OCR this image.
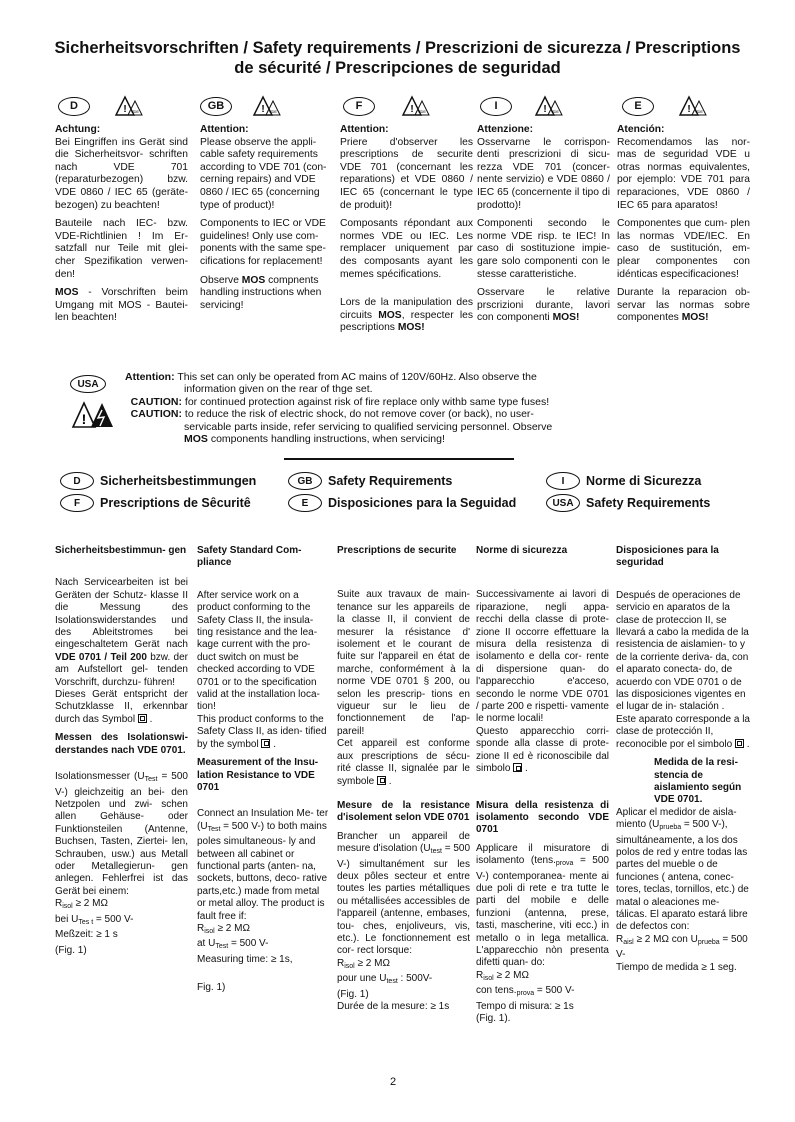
Sicherheitsvorschriften / Safety requirements / Prescrizioni de sicurezza / Prescriptions
de sécurité / Prescripciones de seguridad
D	! VDE	GB	! VDE	F	! VDE	I	! VDE	E	! VDE

Achtung:

Bei Eingriffen ins Gerät sind die Sicherheitsvor- schriften nach VDE 701 (reparaturbezogen) bzw. VDE 0860 / IEC 65 (geräte- bezogen) zu beachten!

Bauteile nach IEC- bzw. VDE-Richtlinien ! Im Er- satzfall nur Teile mit glei- cher Spezifikation verwen- den!

MOS - Vorschriften beim Umgang mit MOS - Bautei- len beachten!

Attention:

Please observe the appli- cable safety requirements according to VDE 701 (con- cerning repairs) and VDE 0860 / IEC 65 (concerning type of product)!

Components to IEC or VDE guidelines! Only use com- ponents with the same spe- cifications for replacement!

Observe MOS compnents handling instructions when servicing!

Attention:

Priere d'observer les prescriptions de securite VDE 701 (concernant les reparations) et VDE 0860 / IEC 65 (concernant le type de produit)!

Composants répondant aux normes VDE ou IEC. Les remplacer uniquement par des composants ayant les memes spécifications.

Lors de la manipulation des circuits MOS, respecter les pescriptions MOS!

Attenzione:

Osservarne le corrispon- denti prescrizioni di sicu- rezza VDE 701 (concer- nente servizio) e VDE 0860 / IEC 65 (concernente il tipo di prodotto)!

Componenti secondo le norme VDE risp. te IEC! In caso di sostituzione impie- gare solo componenti con le stesse caratteristiche.

Osservare le relative prscrizioni durante, lavori con componenti MOS!

Atención:

Recomendamos las nor- mas de seguridad VDE u otras normas equivalentes, por ejemplo: VDE 701 para reparaciones, VDE 0860 / IEC 65 para aparatos!

Componentes que cum- plen las normas VDE/IEC. En caso de sustitución, em- plear componentes con idénticas especificaciones!

Durante la reparacion ob- servar las normas sobre componentes MOS!

USA
!
Attention: This set can only be operated from AC mains of 120V/60Hz. Also observe the
information given on the rear of thge set.
CAUTION: for continued protection against risk of fire replace only withb same type fuses!
CAUTION: to reduce the risk of electric shock, do not remove cover (or back), no user-
servicable parts inside, refer servicing to qualified servicing personnel. Observe
MOS components handling instructions, when servicing!
D	Sicherheitsbestimmungen	GB	Safety Requirements	I	Norme di Sicurezza
F	Prescriptions de Sêcuritê	E	Disposiciones para la Seguidad	USA Safety Requirements

Sicherheitsbestimmun- gen

Nach Servicearbeiten ist bei Geräten der Schutz- klasse II die Messung des Isolationswiderstandes und des Ableitstromes bei eingeschaltetem Gerät nach VDE 0701 / Teil 200 bzw. der am Aufstellort gel- tenden Vorschrift, durchzu- führen!

Dieses Gerät entspricht der Schutzklasse II, erkennbar durch das Symbol  .

Messen des Isolationswi- derstandes nach VDE 0701.

Isolationsmesser ($U_{Test} = 500$ V-) gleichzeitig an bei- den Netzpolen und zwi- schen allen Gehäuse- oder Funktionsteilen (Antenne, Buchsen, Tasten, Ziertei- len, Schrauben, usw.) aus Metall oder Metallegierun- gen anlegen. Fehlerfrei ist das Gerät bei einem:

$R_{isol} \ge 2$ MΩ
bei $U_{Tes t} = 500$ V-
Meßzeit: ≥ 1 s
(Fig. 1)

Safety Standard Com- pliance

After service work on a product conforming to the Safety Class II, the insula- ting resistance and the lea- kage current with the pro- duct switch on must be checked according to VDE 0701 or to the specification valid at the installation loca- tion!

This product conforms to the Safety Class II, as iden- tified by the symbol  .

Measurement of the Insu- lation Resistance to VDE 0701

Connect an Insulation Me- ter ($U_{Test} = 500$ V-) to both mains poles simultaneous- ly and between all cabinet or functional parts (anten- na, sockets, buttons, deco- rative parts,etc.) made from metal or metal alloy. The product is fault free if:

$R_{isol} \ge 2$ MΩ
at $U_{Test} = 500$ V-
Measuring time: ≥ 1s,
Fig. 1)

Prescriptions de securite

Suite aux travaux de main- tenance sur les appareils de la classe II, il convient de mesurer la résistance d' isolement et le courant de fuite sur l'appareil en état de marche, conformément à la norme VDE 0701 § 200, ou selon les prescrip- tions en vigueur sur le lieu de fonctionnement de l'ap- pareil!

Cet appareil est conforme aux prescriptions de sécu- rité classe II, signalée par le symbole  .

Mesure de la resistance d'isolement selon VDE 0701

Brancher un appareil de mesure d'isolation ($U_{test} = 500$ V-) simultanément sur les deux pôles secteur et entre toutes les parties métalliques ou métallisées accessibles de l'appareil (antenne, embases, tou- ches, enjoliveurs, vis, etc.). Le fonctionnement est cor- rect lorsque:

$R_{isol} \ge 2$ MΩ
pour une $U_{test}$ : 500V-
(Fig. 1)
Durée de la mesure: ≥ 1s

Norme di sicurezza

Successivamente ai lavori di riparazione, negli appa- recchi della classe di prote- zione II occorre effettuare la misura della resistenza di isolamento e della cor- rente di dispersione quan- do l'apparecchio e'acceso, secondo le norme VDE 0701 / parte 200 e rispetti- vamente le norme locali!

Questo apparecchio corri- sponde alla classe di prote- zione II ed è riconoscibile dal simbolo  .

Misura della resistenza di isolamento secondo VDE 0701

Applicare il misuratore di isolamento ($tens._{prova} = 500$ V-) contemporanea- mente ai due poli di rete e tra tutte le parti del mobile e delle funzioni (antenna, prese, tasti, mascherine, viti ecc.) in metallo o in lega metallica. L'apparecchio nòn presenta difetti quan- do:

$R_{isol} \ge 2$ MΩ
con $tens._{prova} = 500$ V-
Tempo di misura: ≥ 1s
(Fig. 1).

Disposiciones para la seguridad

Después de operaciones de servicio en aparatos de la clase de proteccion II, se llevará a cabo la medida de la resistencia de aislamien- to y de la corriente deriva- da, con el aparato conecta- do, de acuerdo con VDE 0701 o de las disposiciones vigentes en el lugar de in- stalación .

Este aparato corresponde a la clase de protección II, reconocible por el simbolo  .

Medida de la resi- stencia de aislamiento según VDE 0701.

Aplicar el medidor de aisla- miento ($U_{prueba} = 500$ V-), simultáneamente, a los dos polos de red y entre todas las partes del mueble o de funciones ( antena, conec- tores, teclas, tornillos, etc.) de matal o aleaciones me- tálicas. El aparato estará libre de defectos con:

$R_{aisl} \ge 2$ MΩ con $U_{prueba} = 500$ V-
Tiempo de medida ≥ 1 seg.
2
